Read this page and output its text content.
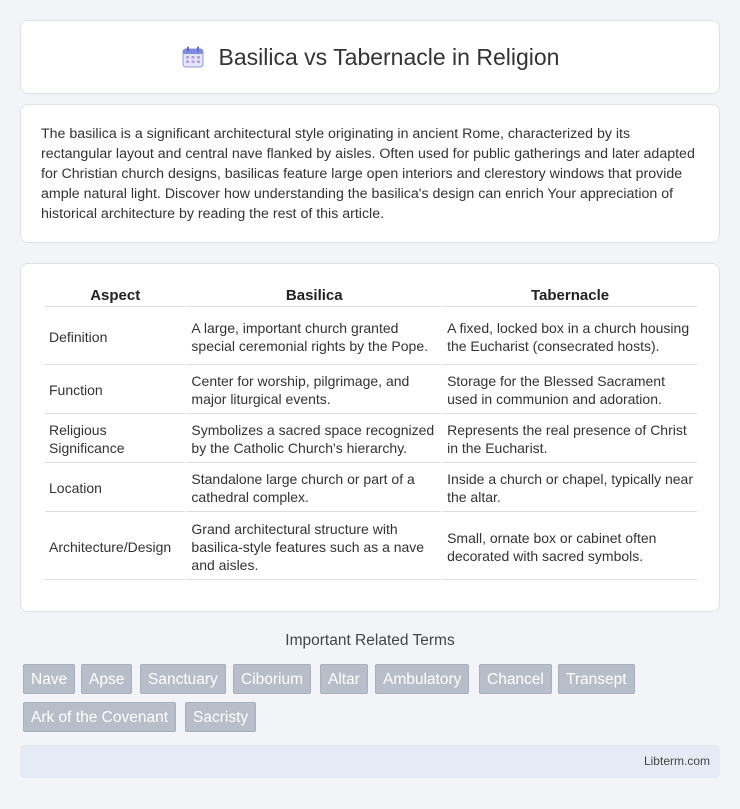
Basilica vs Tabernacle in Religion

The basilica is a significant architectural style originating in ancient Rome, characterized by its rectangular layout and central nave flanked by aisles. Often used for public gatherings and later adapted for Christian church designs, basilicas feature large open interiors and clerestory windows that provide ample natural light. Discover how understanding the basilica's design can enrich Your appreciation of historical architecture by reading the rest of this article.

Aspect	Basilica	Tabernacle
Definition	A large, important church granted special ceremonial rights by the Pope.	A fixed, locked box in a church housing the Eucharist (consecrated hosts).
Function	Center for worship, pilgrimage, and major liturgical events.	Storage for the Blessed Sacrament used in communion and adoration.
Religious Significance	Symbolizes a sacred space recognized by the Catholic Church's hierarchy.	Represents the real presence of Christ in the Eucharist.
Location	Standalone large church or part of a cathedral complex.	Inside a church or chapel, typically near the altar.
Architecture/Design	Grand architectural structure with basilica-style features such as a nave and aisles.	Small, ornate box or cabinet often decorated with sacred symbols.
Important Related Terms
Nave	Apse	Sanctuary	Ciborium	Altar	Ambulatory	Chancel	Transept
Ark of the Covenant	Sacristy
Libterm.com
